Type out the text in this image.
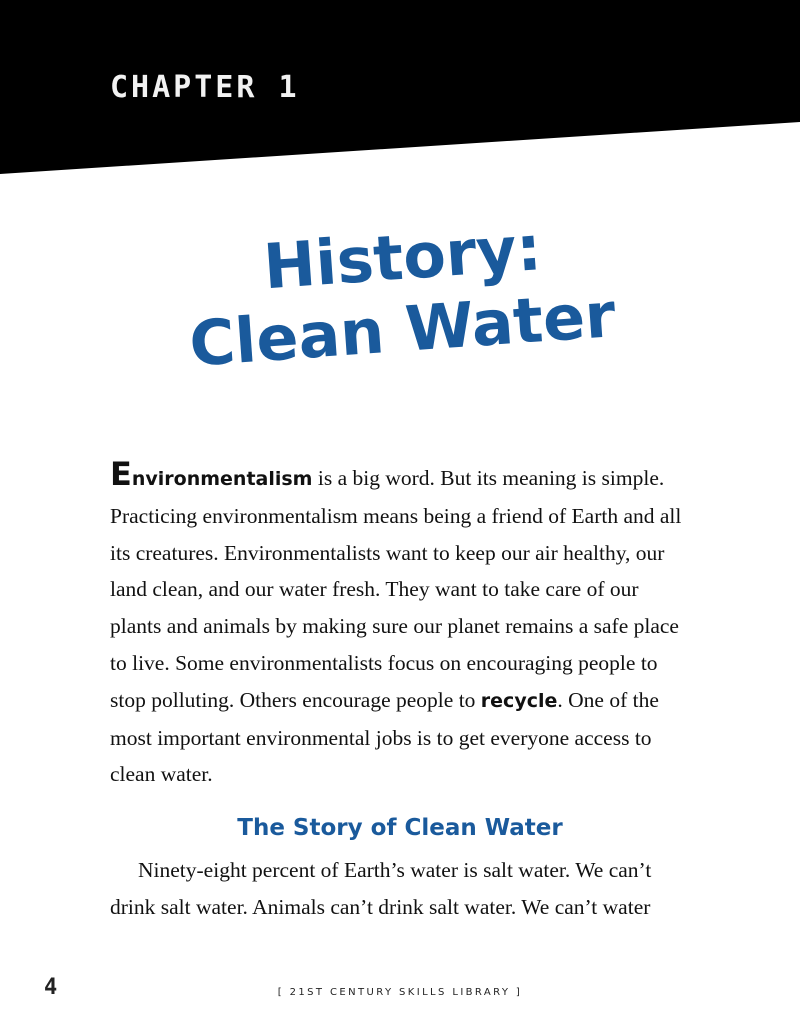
CHAPTER 1
History:
Clean Water
Environmentalism is a big word. But its meaning is simple. Practicing environmentalism means being a friend of Earth and all its creatures. Environmentalists want to keep our air healthy, our land clean, and our water fresh. They want to take care of our plants and animals by making sure our planet remains a safe place to live. Some environmentalists focus on encouraging people to stop polluting. Others encourage people to recycle. One of the most important environmental jobs is to get everyone access to clean water.
The Story of Clean Water
Ninety-eight percent of Earth’s water is salt water. We can’t drink salt water. Animals can’t drink salt water. We can’t water
4	[ 21ST CENTURY SKILLS LIBRARY ]
